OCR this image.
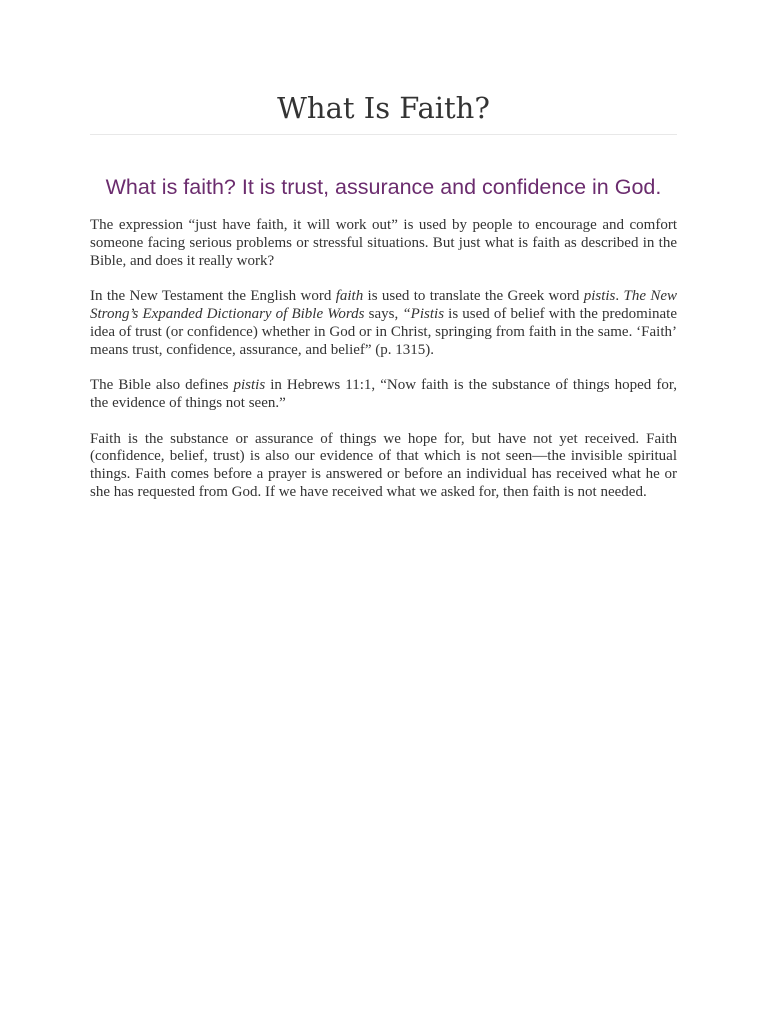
What Is Faith?
What is faith? It is trust, assurance and confidence in God.

The expression “just have faith, it will work out” is used by people to encourage and comfort someone facing serious problems or stressful situations. But just what is faith as described in the Bible, and does it really work?

In the New Testament the English word faith is used to translate the Greek word pistis. The New Strong’s Expanded Dictionary of Bible Words says, “Pistis is used of belief with the predominate idea of trust (or confidence) whether in God or in Christ, springing from faith in the same. ‘Faith’ means trust, confidence, assurance, and belief” (p. 1315).

The Bible also defines pistis in Hebrews 11:1, “Now faith is the substance of things hoped for, the evidence of things not seen.”

Faith is the substance or assurance of things we hope for, but have not yet received. Faith (confidence, belief, trust) is also our evidence of that which is not seen—the invisible spiritual things. Faith comes before a prayer is answered or before an individual has received what he or she has requested from God. If we have received what we asked for, then faith is not needed.
